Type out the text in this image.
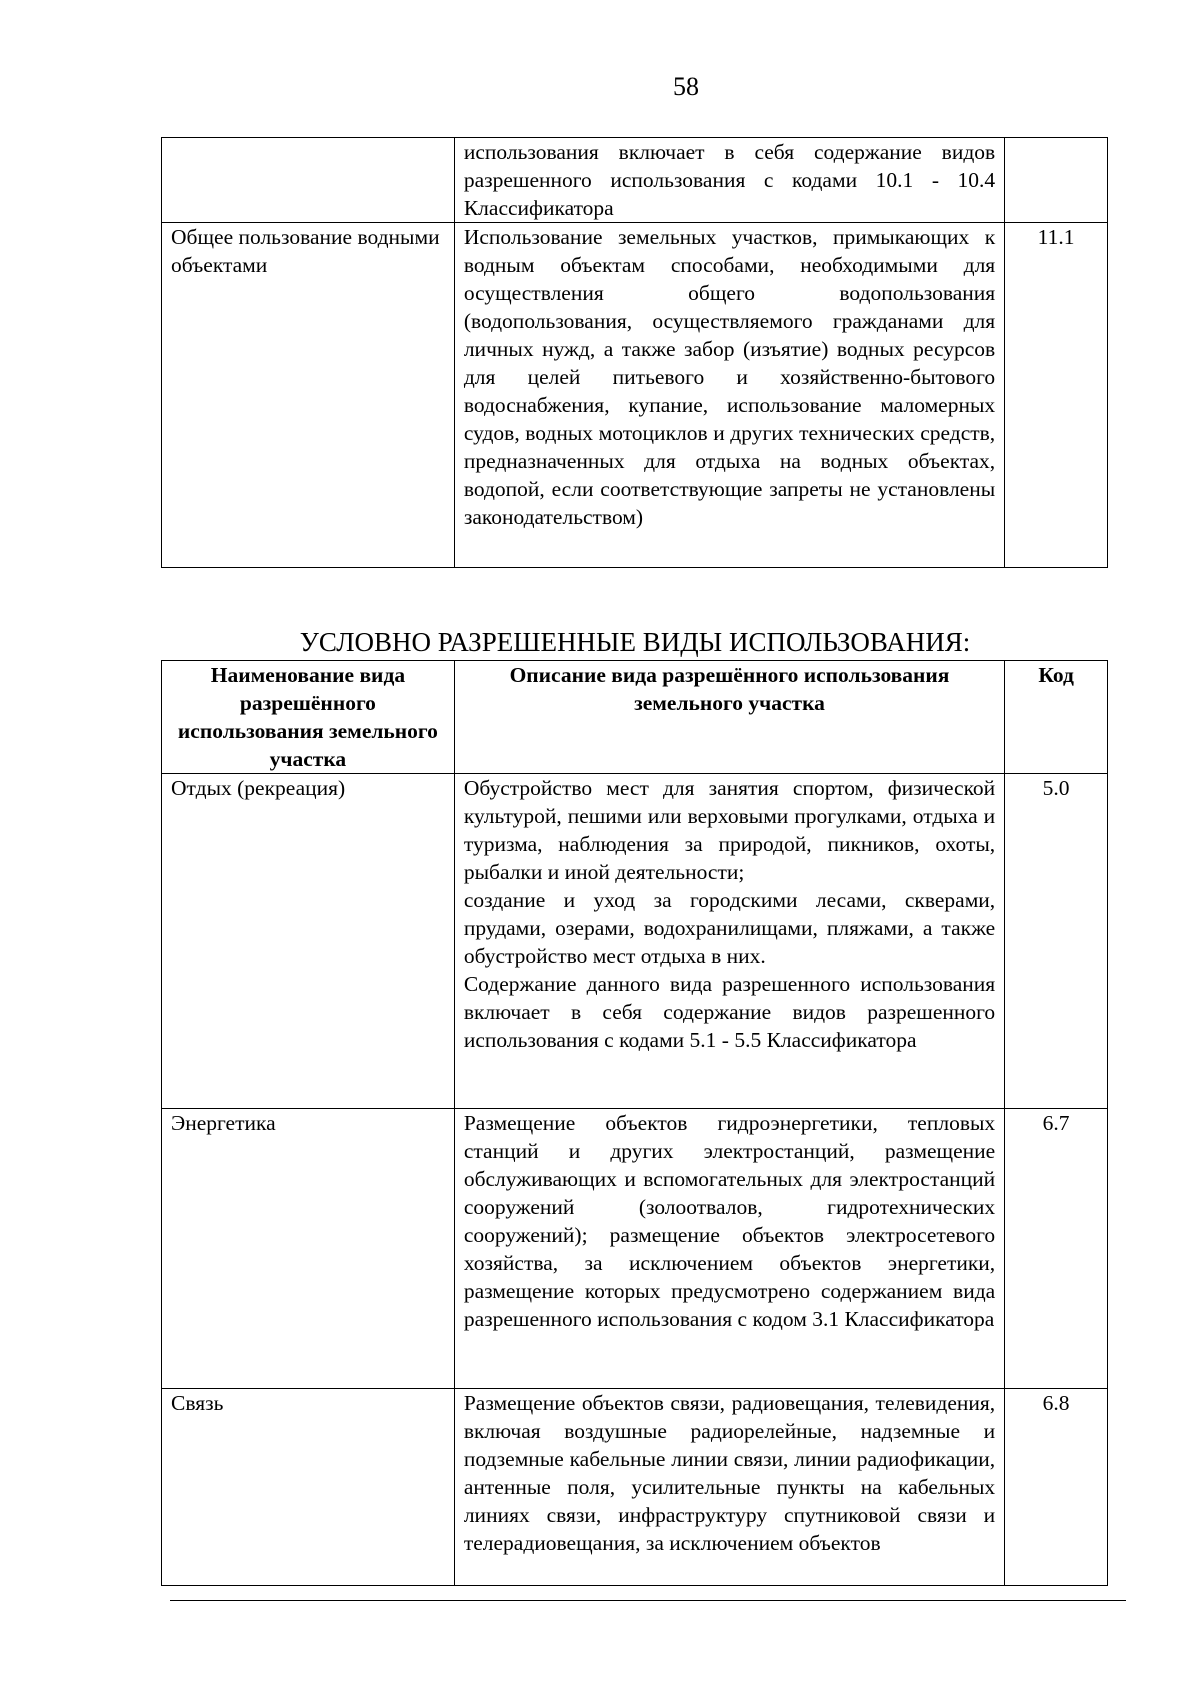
58
	использования включает в себя содержание видов разрешенного использования с кодами 10.1 - 10.4 Классификатора	
Общее пользование водными объектами	Использование земельных участков, примыкающих к водным объектам способами, необходимыми для осуществления общего водопользования (водопользования, осуществляемого гражданами для личных нужд, а также забор (изъятие) водных ресурсов для целей питьевого и хозяйственно-бытового водоснабжения, купание, использование маломерных судов, водных мотоциклов и других технических средств, предназначенных для отдыха на водных объектах, водопой, если соответствующие запреты не установлены законодательством)	11.1
УСЛОВНО РАЗРЕШЕННЫЕ ВИДЫ ИСПОЛЬЗОВАНИЯ:
Наименование вида разрешённого использования земельного участка	Описание вида разрешённого использования земельного участка	Код
Отдых (рекреация)	Обустройство мест для занятия спортом, физической культурой, пешими или верховыми прогулками, отдыха и туризма, наблюдения за природой, пикников, охоты, рыбалки и иной деятельности;

создание и уход за городскими лесами, скверами, прудами, озерами, водохранилищами, пляжами, а также обустройство мест отдыха в них.

Содержание данного вида разрешенного использования включает в себя содержание видов разрешенного использования с кодами 5.1 - 5.5 Классификатора	5.0
Энергетика	Размещение объектов гидроэнергетики, тепловых станций и других электростанций, размещение обслуживающих и вспомогательных для электростанций сооружений (золоотвалов, гидротехнических сооружений); размещение объектов электросетевого хозяйства, за исключением объектов энергетики, размещение которых предусмотрено содержанием вида разрешенного использования с кодом 3.1 Классификатора	6.7
Связь	Размещение объектов связи, радиовещания, телевидения, включая воздушные радиорелейные, надземные и подземные кабельные линии связи, линии радиофикации, антенные поля, усилительные пункты на кабельных линиях связи, инфраструктуру спутниковой связи и телерадиовещания, за исключением объектов	6.8
